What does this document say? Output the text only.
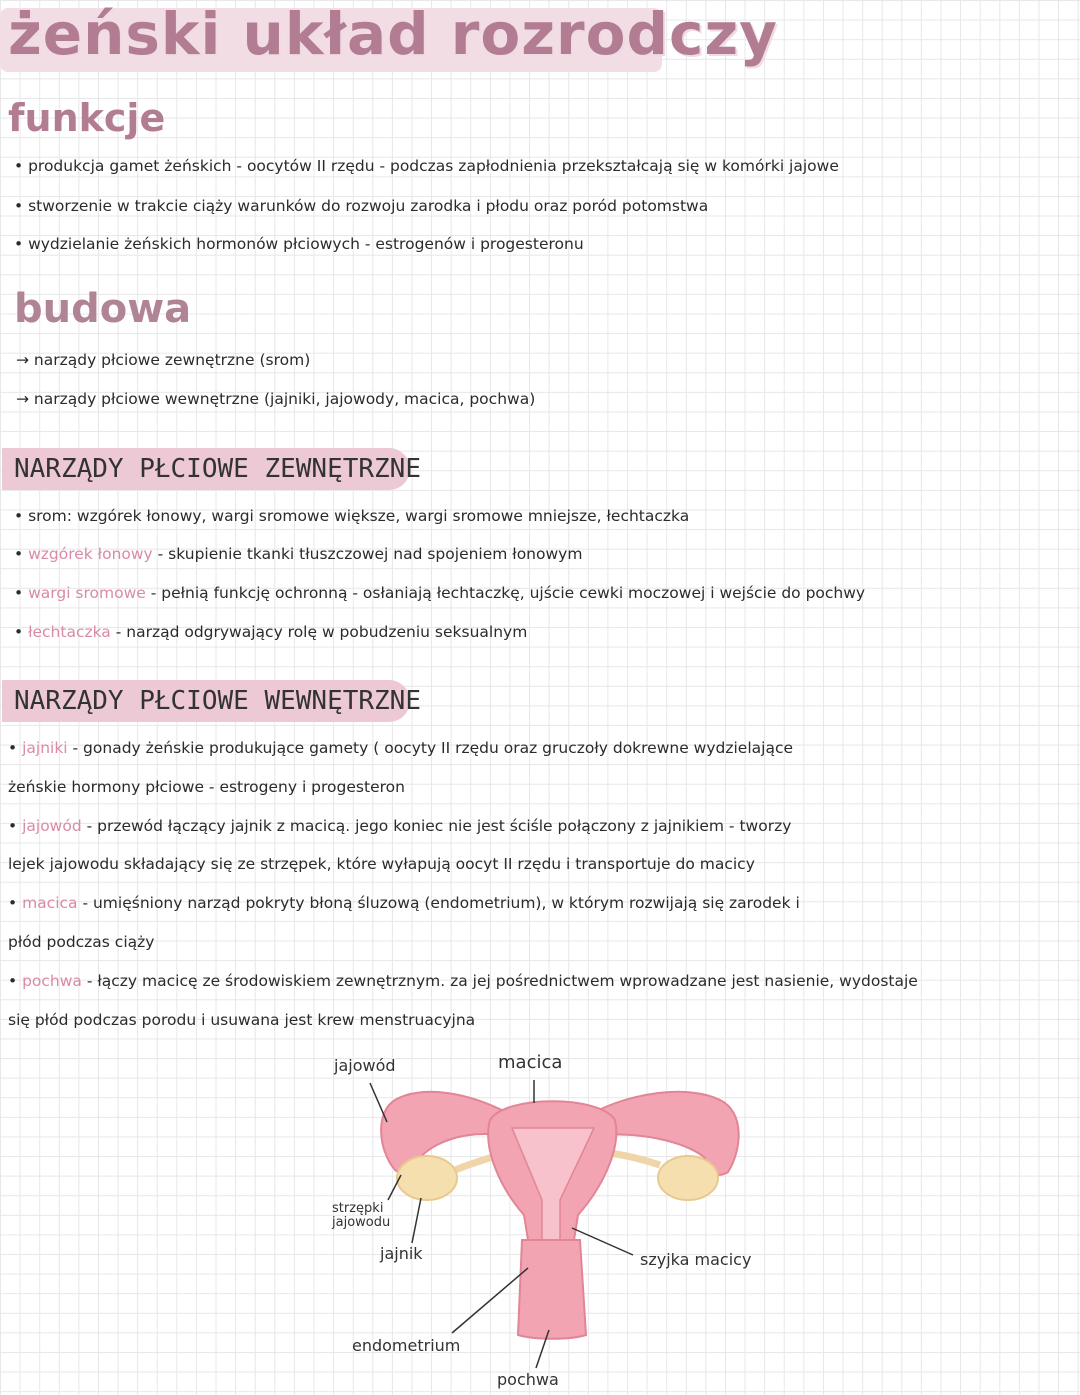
żeński układ rozrodczy
funkcje
• produkcja gamet żeńskich - oocytów II rzędu - podczas zapłodnienia przekształcają się w komórki jajowe
• stworzenie w trakcie ciąży warunków do rozwoju zarodka i płodu oraz poród potomstwa
• wydzielanie żeńskich hormonów płciowych - estrogenów i progesteronu
budowa
→ narządy płciowe zewnętrzne (srom)
→ narządy płciowe wewnętrzne (jajniki, jajowody, macica, pochwa)
NARZĄDY PŁCIOWE ZEWNĘTRZNE
• srom: wzgórek łonowy, wargi sromowe większe, wargi sromowe mniejsze, łechtaczka
• wzgórek łonowy - skupienie tkanki tłuszczowej nad spojeniem łonowym
• wargi sromowe - pełnią funkcję ochronną - osłaniają łechtaczkę, ujście cewki moczowej i wejście do pochwy
• łechtaczka - narząd odgrywający rolę w pobudzeniu seksualnym
NARZĄDY PŁCIOWE WEWNĘTRZNE
• jajniki - gonady żeńskie produkujące gamety ( oocyty II rzędu oraz gruczoły dokrewne wydzielające
żeńskie hormony płciowe - estrogeny i progesteron
• jajowód - przewód łączący jajnik z macicą. jego koniec nie jest ściśle połączony z jajnikiem - tworzy
lejek jajowodu składający się ze strzępek, które wyłapują oocyt II rzędu i transportuje do macicy
• macica - umięśniony narząd pokryty błoną śluzową (endometrium), w którym rozwijają się zarodek i
płód podczas ciąży
• pochwa - łączy macicę ze środowiskiem zewnętrznym. za jej pośrednictwem wprowadzane jest nasienie, wydostaje
się płód podczas porodu i usuwana jest krew menstruacyjna
jajowód	macica
strzępki jajowodu
jajnik	szyjka macicy
endometrium
pochwa
